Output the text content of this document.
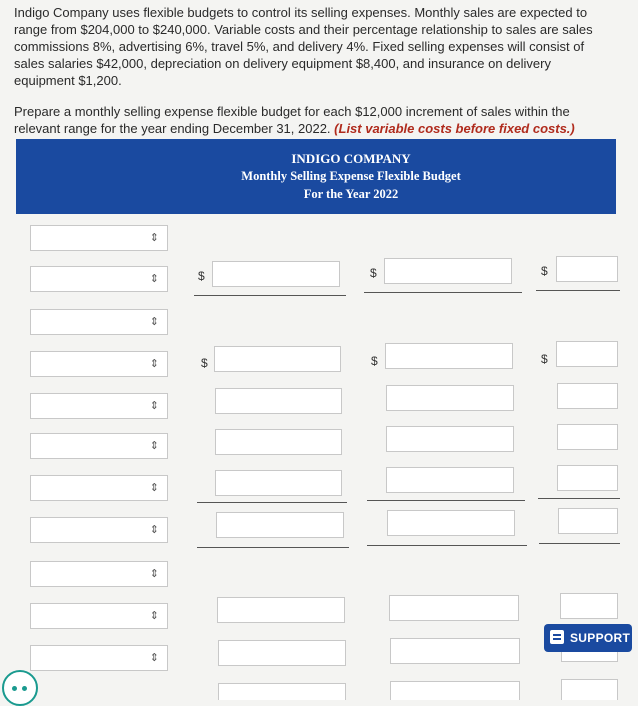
Indigo Company uses flexible budgets to control its selling expenses. Monthly sales are expected to range from $204,000 to $240,000. Variable costs and their percentage relationship to sales are sales commissions 8%, advertising 6%, travel 5%, and delivery 4%. Fixed selling expenses will consist of sales salaries $42,000, depreciation on delivery equipment $8,400, and insurance on delivery equipment $1,200.

Prepare a monthly selling expense flexible budget for each $12,000 increment of sales within the relevant range for the year ending December 31, 2022. (List variable costs before fixed costs.)

INDIGO COMPANY
Monthly Selling Expense Flexible Budget
For the Year 2022
⇕
⇕	$	$	$
⇕
⇕	$	$	$
⇕
⇕
⇕
⇕
⇕
⇕
⇕
SUPPORT
